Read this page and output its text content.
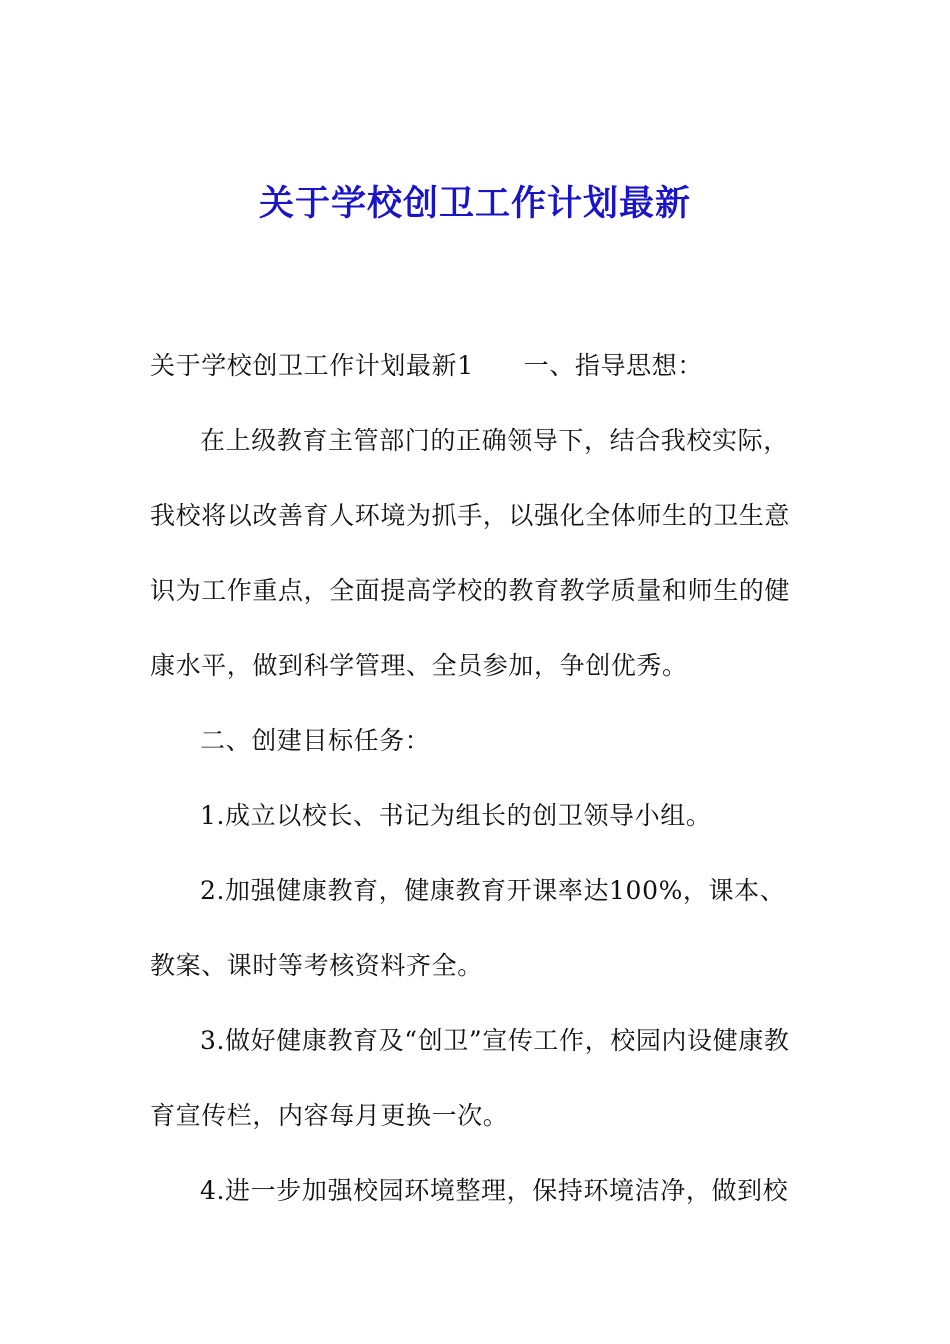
关于学校创卫工作计划最新

关于学校创卫工作计划最新1 一、指导思想：

在上级教育主管部门的正确领导下，结合我校实际，我校将以改善育人环境为抓手，以强化全体师生的卫生意识为工作重点，全面提高学校的教育教学质量和师生的健康水平，做到科学管理、全员参加，争创优秀。

二、创建目标任务：

1.成立以校长、书记为组长的创卫领导小组。

2.加强健康教育，健康教育开课率达100%，课本、教案、课时等考核资料齐全。

3.做好健康教育及“创卫”宣传工作，校园内设健康教育宣传栏，内容每月更换一次。

4.进一步加强校园环境整理，保持环境洁净，做到校
